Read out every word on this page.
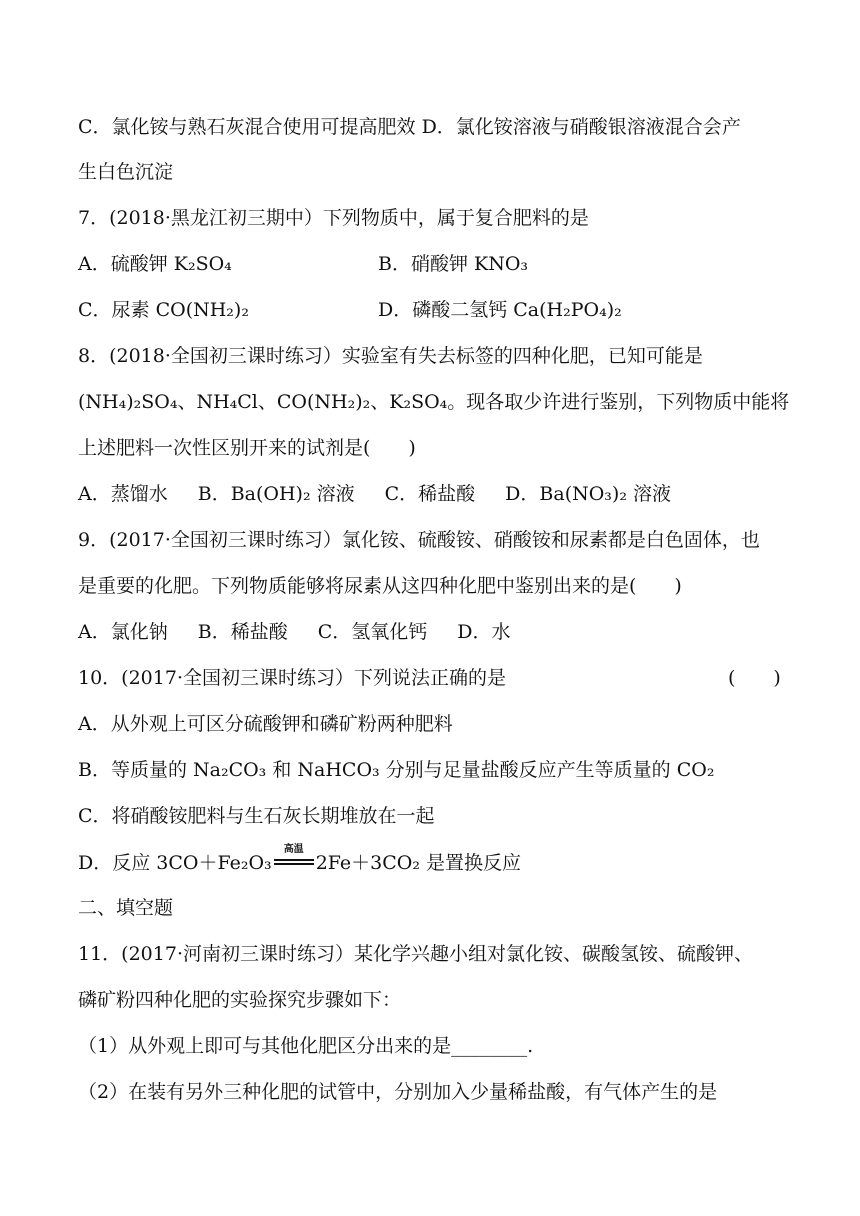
C．氯化铵与熟石灰混合使用可提高肥效 D．氯化铵溶液与硝酸银溶液混合会产
生白色沉淀
7．(2018·黑龙江初三期中）下列物质中，属于复合肥料的是
A．硫酸钾 K₂SO₄	B．硝酸钾 KNO₃
C．尿素 CO(NH₂)₂	D．磷酸二氢钙 Ca(H₂PO₄)₂
8．(2018·全国初三课时练习）实验室有失去标签的四种化肥，已知可能是
(NH₄)₂SO₄、NH₄Cl、CO(NH₂)₂、K₂SO₄。现各取少许进行鉴别，下列物质中能将
上述肥料一次性区别开来的试剂是(　　)
A．蒸馏水 B．Ba(OH)₂ 溶液 C．稀盐酸 D．Ba(NO₃)₂ 溶液
9．(2017·全国初三课时练习）氯化铵、硫酸铵、硝酸铵和尿素都是白色固体，也
是重要的化肥。下列物质能够将尿素从这四种化肥中鉴别出来的是(　　)
A．氯化钠 B．稀盐酸 C．氢氧化钙 D．水
10．(2017·全国初三课时练习）下列说法正确的是	(　　)
A．从外观上可区分硫酸钾和磷矿粉两种肥料
B．等质量的 Na₂CO₃ 和 NaHCO₃ 分别与足量盐酸反应产生等质量的 CO₂
C．将硝酸铵肥料与生石灰长期堆放在一起
D．反应 3CO＋Fe₂O₃
高温
2Fe＋3CO₂ 是置换反应
二、填空题
11．(2017·河南初三课时练习）某化学兴趣小组对氯化铵、碳酸氢铵、硫酸钾、
磷矿粉四种化肥的实验探究步骤如下：
（1）从外观上即可与其他化肥区分出来的是________.
（2）在装有另外三种化肥的试管中，分别加入少量稀盐酸，有气体产生的是
